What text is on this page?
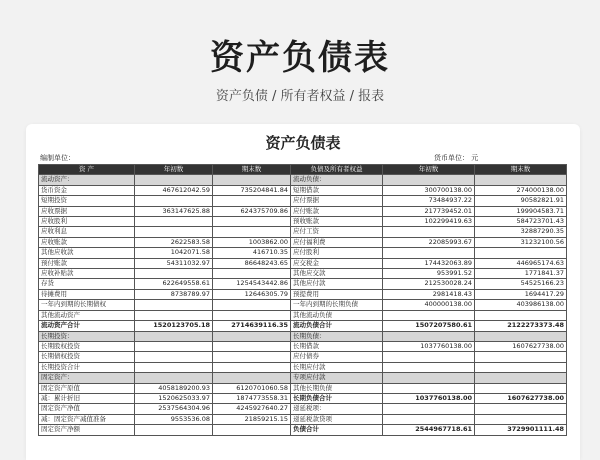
资产负债表
资产负债 / 所有者权益 / 报表
资产负债表
编制单位：	货币单位： 元
资 产	年初数	期末数	负债及所有者权益	年初数	期末数
流动资产：			流动负债：		
货币资金	467612042.59	735204841.84	短期借款	300700138.00	274000138.00
短期投资			应付票据	73484937.22	90582821.91
应收票据	363147625.88	624375709.86	应付账款	217739452.01	199904583.71
应收股利			预收账款	102299419.63	584723701.43
应收利息			应付工资		32887290.35
应收账款	2622583.58	1003862.00	应付福利费	22085993.67	31232100.56
其他应收款	1042071.58	416710.35	应付股利		
预付账款	54311032.97	86648243.65	应交税金	174432063.89	446965174.63
应收补贴款			其他应交款	953991.52	1771841.37
存货	622649558.61	1254543442.86	其他应付款	212530028.24	54525166.23
待摊费用	8738789.97	12646305.79	预提费用	2981418.43	1694417.29
一年内到期的长期债权			一年内到期的长期负债	400000138.00	403986138.00
其他流动资产			其他流动负债		
流动资产合计	1520123705.18	2714639116.35	流动负债合计	1507207580.61	2122273373.48
长期投资：			长期负债：		
长期股权投资			长期借款	1037760138.00	1607627738.00
长期债权投资			应付债券		
长期投资合计			长期应付款		
固定资产：			专项应付款		
固定资产原值	4058189200.93	6120701060.58	其他长期负债		
减：累计折旧	1520625033.97	1874773558.31	长期负债合计	1037760138.00	1607627738.00
固定资产净值	2537564304.96	4245927640.27	递延税项：		
减：固定资产减值准备	9553536.08	21859215.15	递延税款贷项		
固定资产净额			负债合计	2544967718.61	3729901111.48
